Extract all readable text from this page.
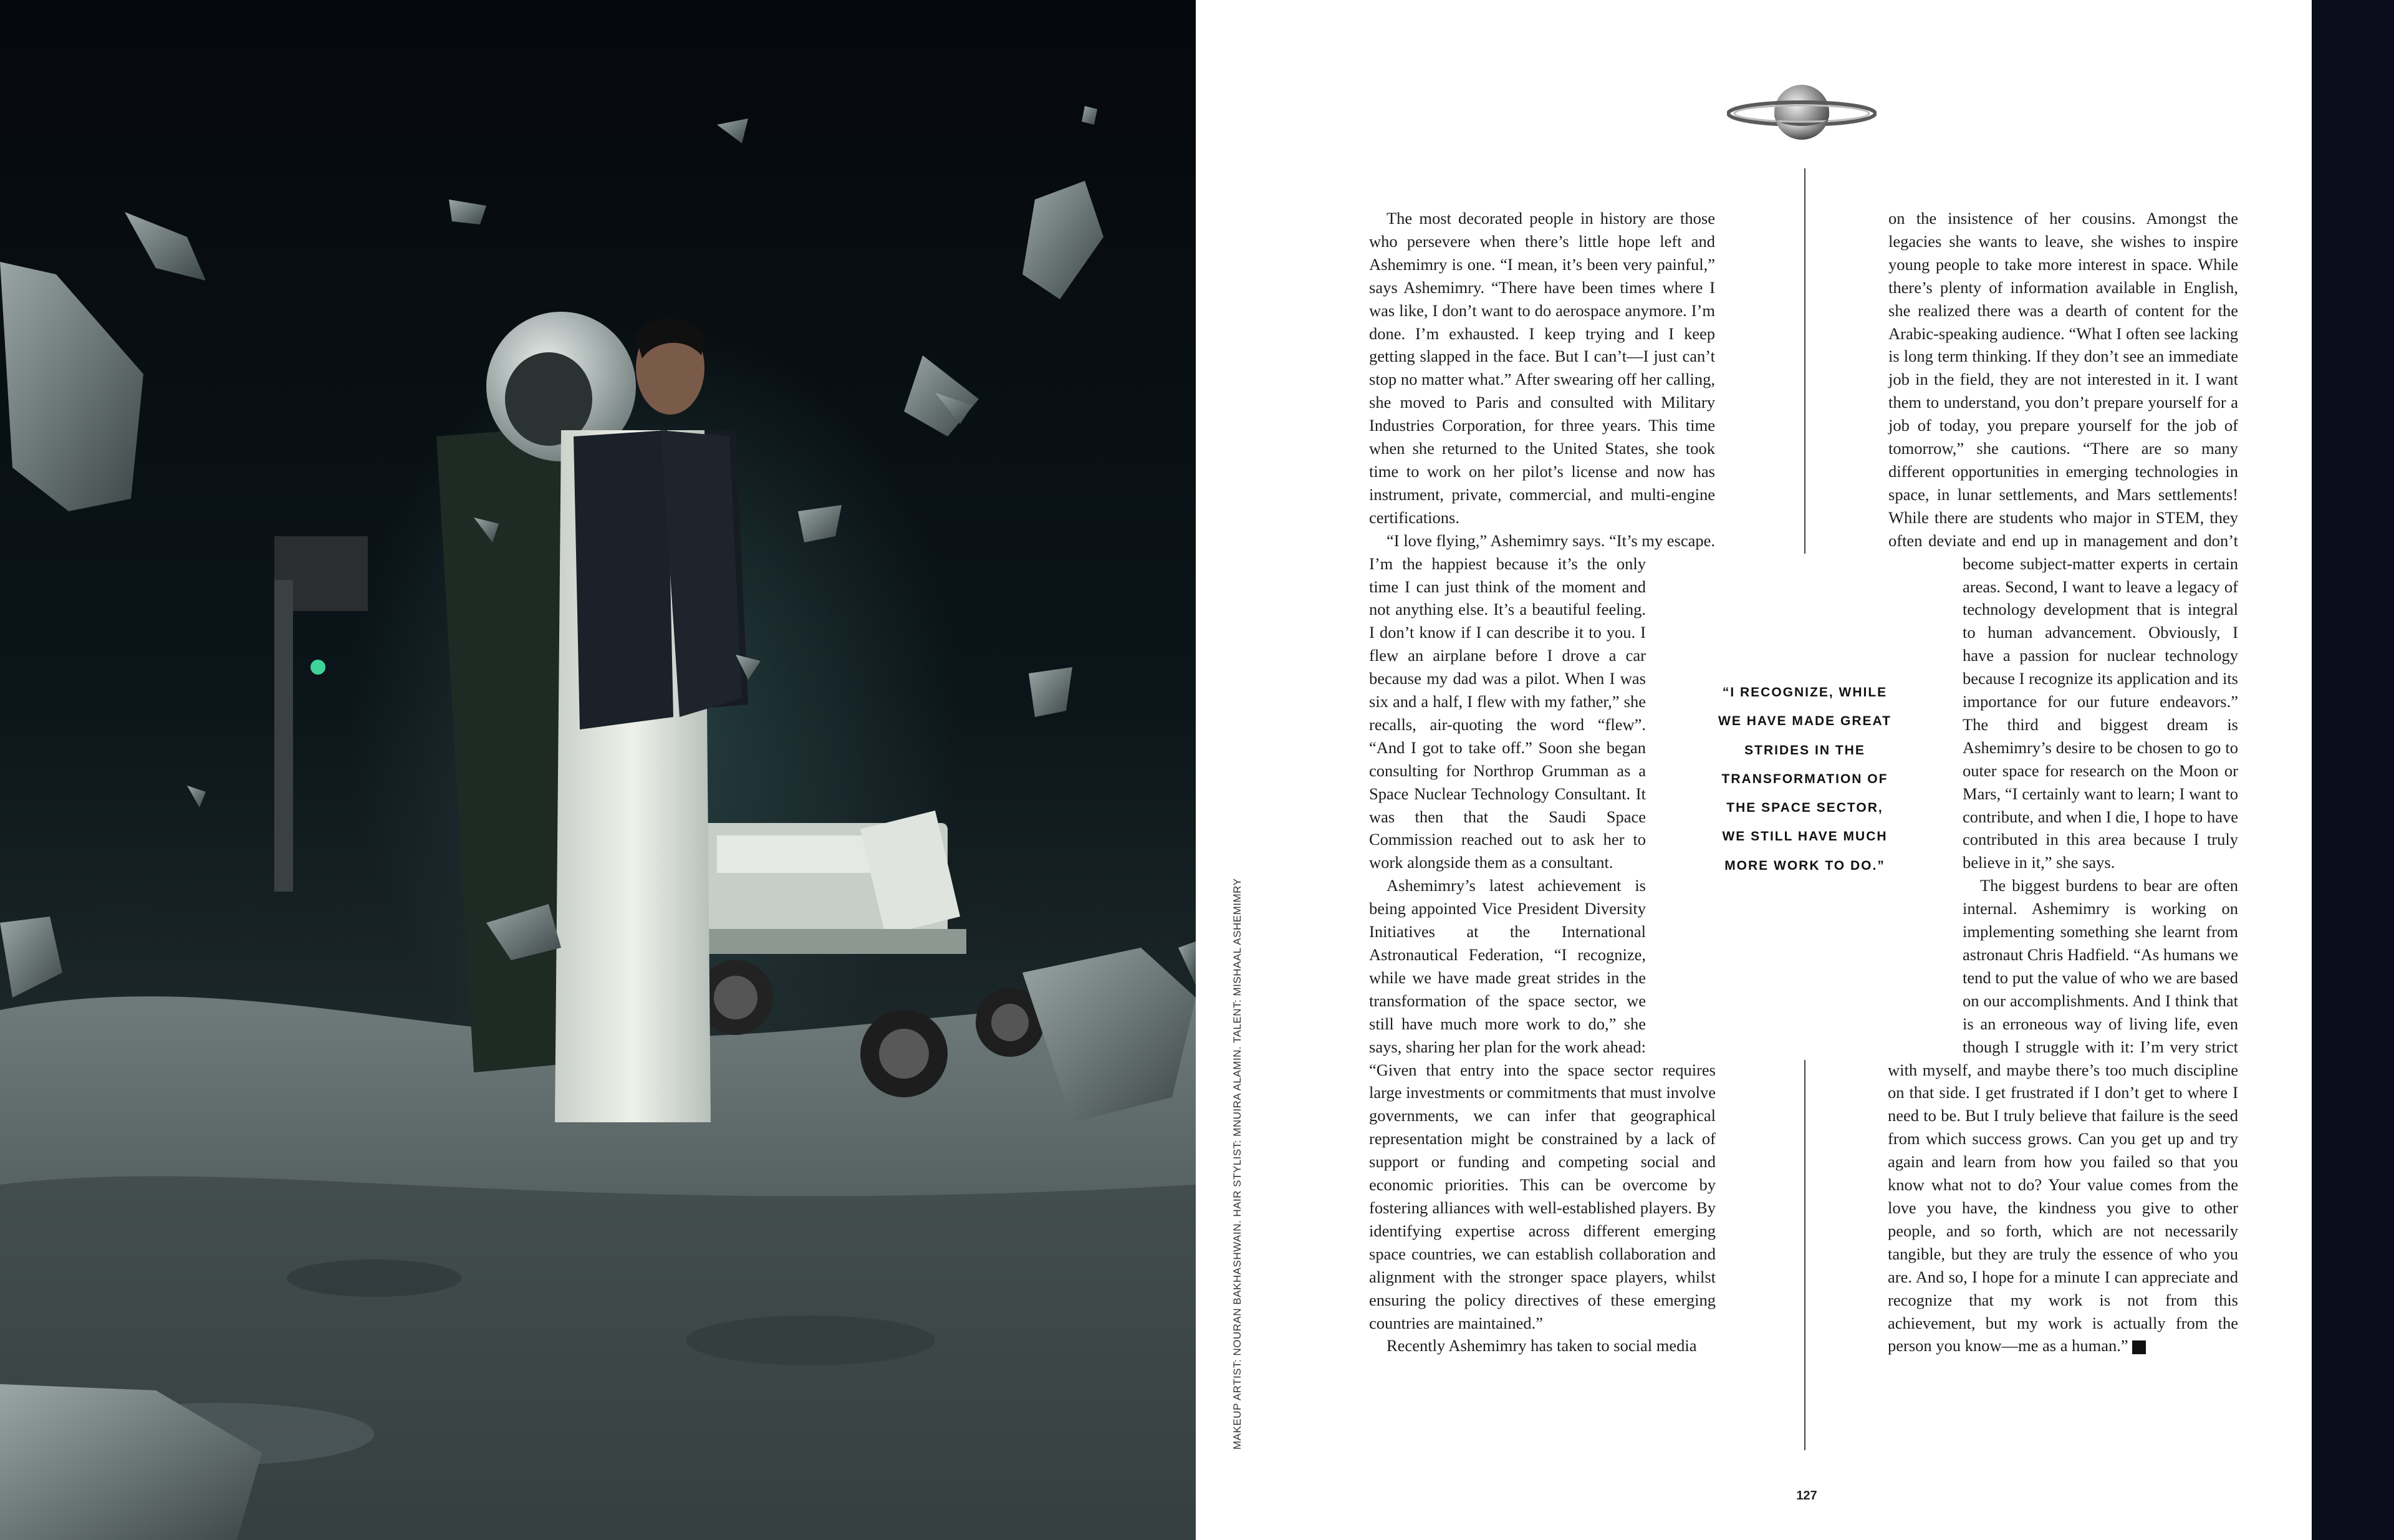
MAKEUP ARTIST: NOURAN BAKHASHWAIN. HAIR STYLIST: MNUIRA ALAMIN. TALENT: MISHAAL ASHEMIMRY

The most decorated people in history are those who persevere when there’s little hope left and Ashemimry is one. “I mean, it’s been very painful,” says Ashemimry. “There have been times where I was like, I don’t want to do aerospace anymore. I’m done. I’m exhausted. I keep trying and I keep getting slapped in the face. But I can’t—I just can’t stop no matter what.” After swearing off her calling, she moved to Paris and consulted with Military Industries Corporation, for three years. This time when she returned to the United States, she took time to work on her pilot’s license and now has instrument, private, commercial, and multi-engine certifications.

“I love flying,” Ashemimry says. “It’s my escape. I’m the happiest because it’s the only time I can just think of the moment and not anything else. It’s a beautiful feeling. I don’t know if I can describe it to you. I flew an airplane before I drove a car because my dad was a pilot. When I was six and a half, I flew with my father,” she recalls, air-quoting the word “flew”. “And I got to take off.” Soon she began consulting for Northrop Grumman as a Space Nuclear Technology Consultant. It was then that the Saudi Space Commission reached out to ask her to work alongside them as a consultant.

Ashemimry’s latest achievement is being appointed Vice President Diversity Initiatives at the International Astronautical Federation, “I recognize, while we have made great strides in the transformation of the space sector, we still have much more work to do,” she says, sharing her plan for the work ahead: “Given that entry into the space sector requires large investments or commitments that must involve governments, we can infer that geographical representation might be constrained by a lack of support or funding and competing social and economic priorities. This can be overcome by fostering alliances with well-established players. By identifying expertise across different emerging space countries, we can establish collaboration and alignment with the stronger space players, whilst ensuring the policy directives of these emerging countries are maintained.”

Recently Ashemimry has taken to social media

“I RECOGNIZE, WHILE WE HAVE MADE GREAT STRIDES IN THE TRANSFORMATION OF THE SPACE SECTOR, WE STILL HAVE MUCH MORE WORK TO DO.”

on the insistence of her cousins. Amongst the legacies she wants to leave, she wishes to inspire young people to take more interest in space. While there’s plenty of information available in English, she realized there was a dearth of content for the Arabic-speaking audience. “What I often see lacking is long term thinking. If they don’t see an immediate job in the field, they are not interested in it. I want them to understand, you don’t prepare yourself for a job of today, you prepare yourself for the job of tomorrow,” she cautions. “There are so many different opportunities in emerging technologies in space, in lunar settlements, and Mars settlements! While there are students who major in STEM, they often deviate and end up in management and don’t become subject-matter experts in certain areas. Second, I want to leave a legacy of technology development that is integral to human advancement. Obviously, I have a passion for nuclear technology because I recognize its application and its importance for our future endeavors.” The third and biggest dream is Ashemimry’s desire to be chosen to go to outer space for research on the Moon or Mars, “I certainly want to learn; I want to contribute, and when I die, I hope to have contributed in this area because I truly believe in it,” she says.

The biggest burdens to bear are often internal. Ashemimry is working on implementing something she learnt from astronaut Chris Hadfield. “As humans we tend to put the value of who we are based on our accomplishments. And I think that is an erroneous way of living life, even though I struggle with it: I’m very strict with myself, and maybe there’s too much discipline on that side. I get frustrated if I don’t get to where I need to be. But I truly believe that failure is the seed from which success grows. Can you get up and try again and learn from how you failed so that you know what not to do? Your value comes from the love you have, the kindness you give to other people, and so forth, which are not necessarily tangible, but they are truly the essence of who you are. And so, I hope for a minute I can appreciate and recognize that my work is not from this achievement, but my work is actually from the person you know—me as a human.” W

127
